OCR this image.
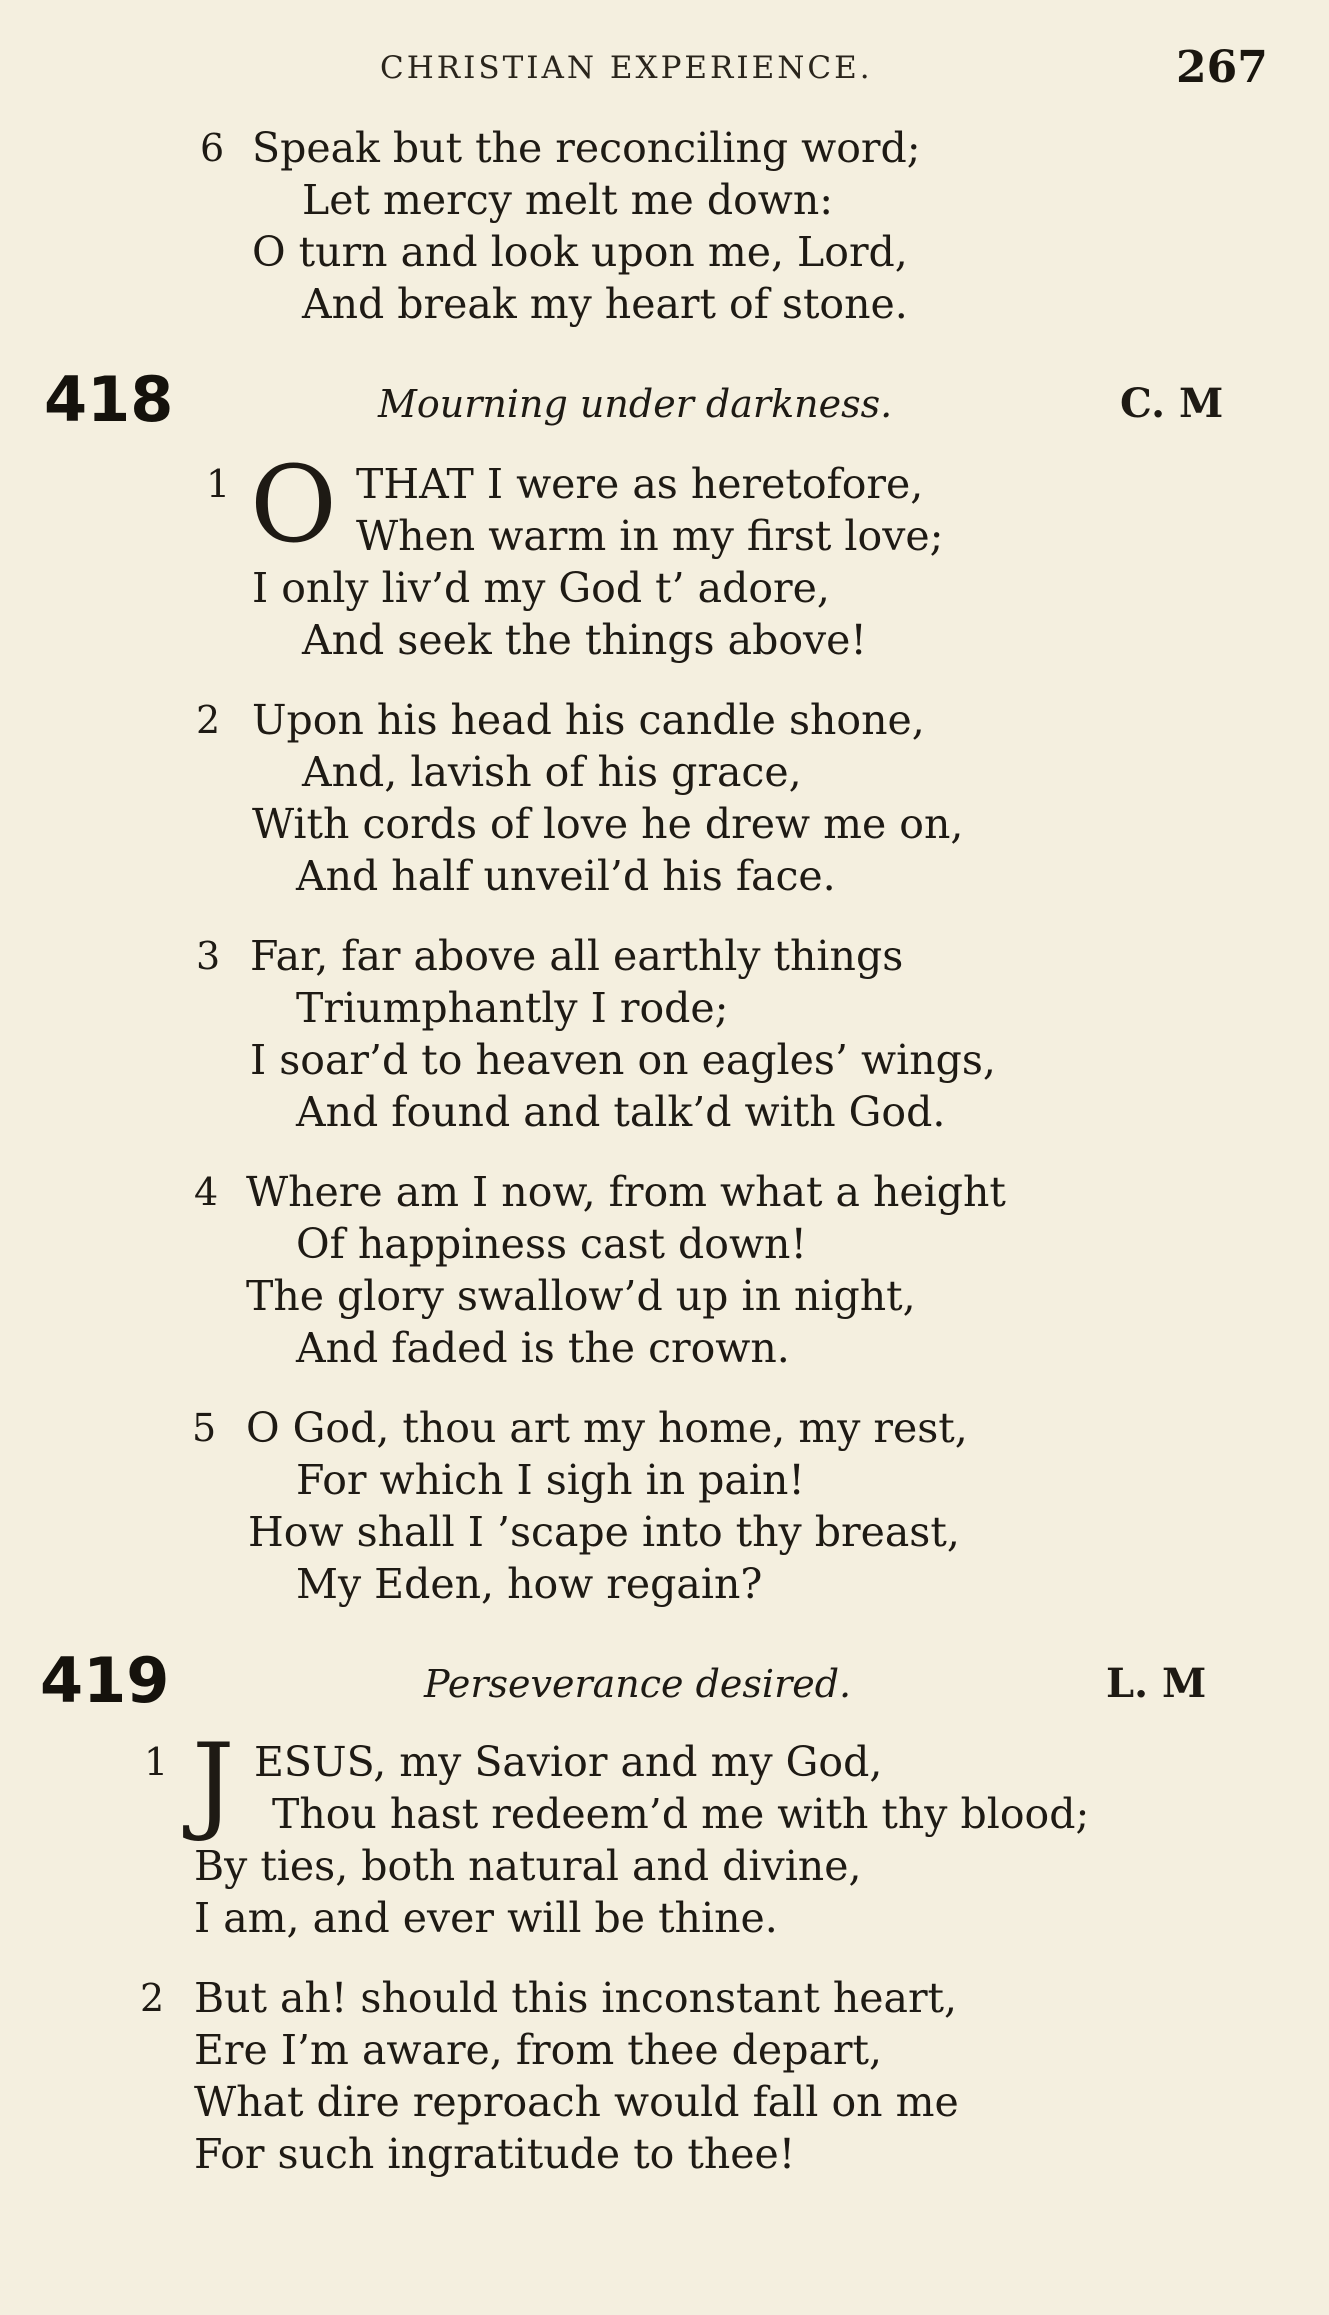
CHRISTIAN EXPERIENCE.	267
6 Speak but the reconciling word;
Let mercy melt me down:
O turn and look upon me, Lord,
And break my heart of stone.
418	Mourning under darkness.	C. M
1 O THAT I were as heretofore,
When warm in my first love;
I only liv’d my God t’ adore,
And seek the things above!
2 Upon his head his candle shone,
And, lavish of his grace,
With cords of love he drew me on,
And half unveil’d his face.
3 Far, far above all earthly things
Triumphantly I rode;
I soar’d to heaven on eagles’ wings,
And found and talk’d with God.
4 Where am I now, from what a height
Of happiness cast down!
The glory swallow’d up in night,
And faded is the crown.
5 O God, thou art my home, my rest,
For which I sigh in pain!
How shall I ’scape into thy breast,
My Eden, how regain?
419	Perseverance desired.	L. M
1 J ESUS, my Savior and my God,
Thou hast redeem’d me with thy blood;
By ties, both natural and divine,
I am, and ever will be thine.
2 But ah! should this inconstant heart,
Ere I’m aware, from thee depart,
What dire reproach would fall on me
For such ingratitude to thee!
